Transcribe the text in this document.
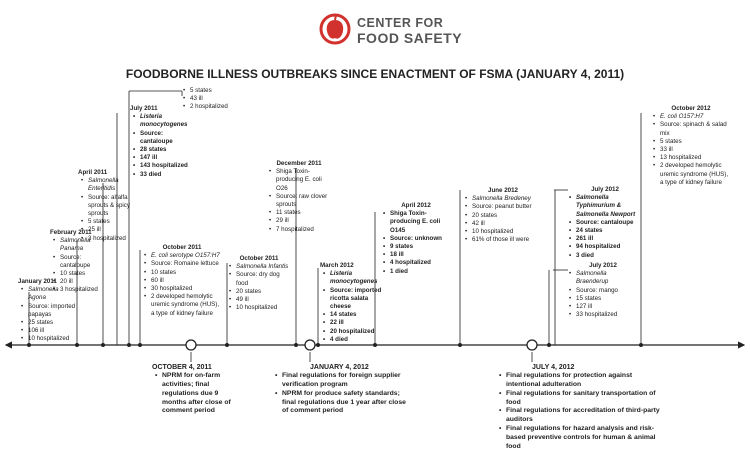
CENTER FOR
FOOD SAFETY
FOODBORNE ILLNESS OUTBREAKS SINCE ENACTMENT OF FSMA (JANUARY 4, 2011)
January 2011
• Salmonella Agona
• Source: imported papayas
• 25 states
• 106 ill
• 10 hospitalized
February 2011
• Salmonella Panama
• Source: cantaloupe
• 10 states
• 20 ill
• 3 hospitalized
April 2011
• Salmonella Enteritidis
• Source: alfalfa sprouts & spicy sprouts
• 5 states
• 25 ill
• 3 hospitalized
July 2011
• Listeria monocytogenes
• Source: cantaloupe
• 28 states
• 147 ill
• 143 hospitalized
• 33 died
• 5 states
• 43 ill
• 2 hospitalized
October 2011
• E. coli serotype O157:H7
• Source: Romaine lettuce
• 10 states
• 60 ill
• 30 hospitalized
• 2 developed hemolytic uremic syndrome (HUS), a type of kidney failure
October 2011
• Salmonella Infantis
• Source: dry dog food
• 20 states
• 49 ill
• 10 hospitalized
December 2011
• Shiga Toxin-producing E. coli O26
• Source: raw clover sprouts
• 11 states
• 29 ill
• 7 hospitalized
March 2012
• Listeria monocytogenes
• Source: imported ricotta salata cheese
• 14 states
• 22 ill
• 20 hospitalized
• 4 died
April 2012
• Shiga Toxin-producing E. coli O145
• Source: unknown
• 9 states
• 18 ill
• 4 hospitalized
• 1 died
June 2012
• Salmonella Bredeney
• Source: peanut butter
• 20 states
• 42 ill
• 10 hospitalized
• 61% of those ill were
July 2012
• Salmonella Typhimurium & Salmonella Newport
• Source: cantaloupe
• 24 states
• 261 ill
• 94 hospitalized
• 3 died
July 2012
• Salmonella Braenderup
• Source: mango
• 15 states
• 127 ill
• 33 hospitalized
October 2012
• E. coli O157:H7
• Source: spinach & salad mix
• 5 states
• 33 ill
• 13 hospitalized
• 2 developed hemolytic uremic syndrome (HUS), a type of kidney failure
OCTOBER 4, 2011
• NPRM for on-farm activities; final regulations due 9 months after close of comment period
JANUARY 4, 2012
• Final regulations for foreign supplier verification program
• NPRM for produce safety standards; final regulations due 1 year after close of comment period
JULY 4, 2012
• Final regulations for protection against intentional adulteration
• Final regulations for sanitary transportation of food
• Final regulations for accreditation of third-party auditors
• Final regulations for hazard analysis and risk-based preventive controls for human & animal food
